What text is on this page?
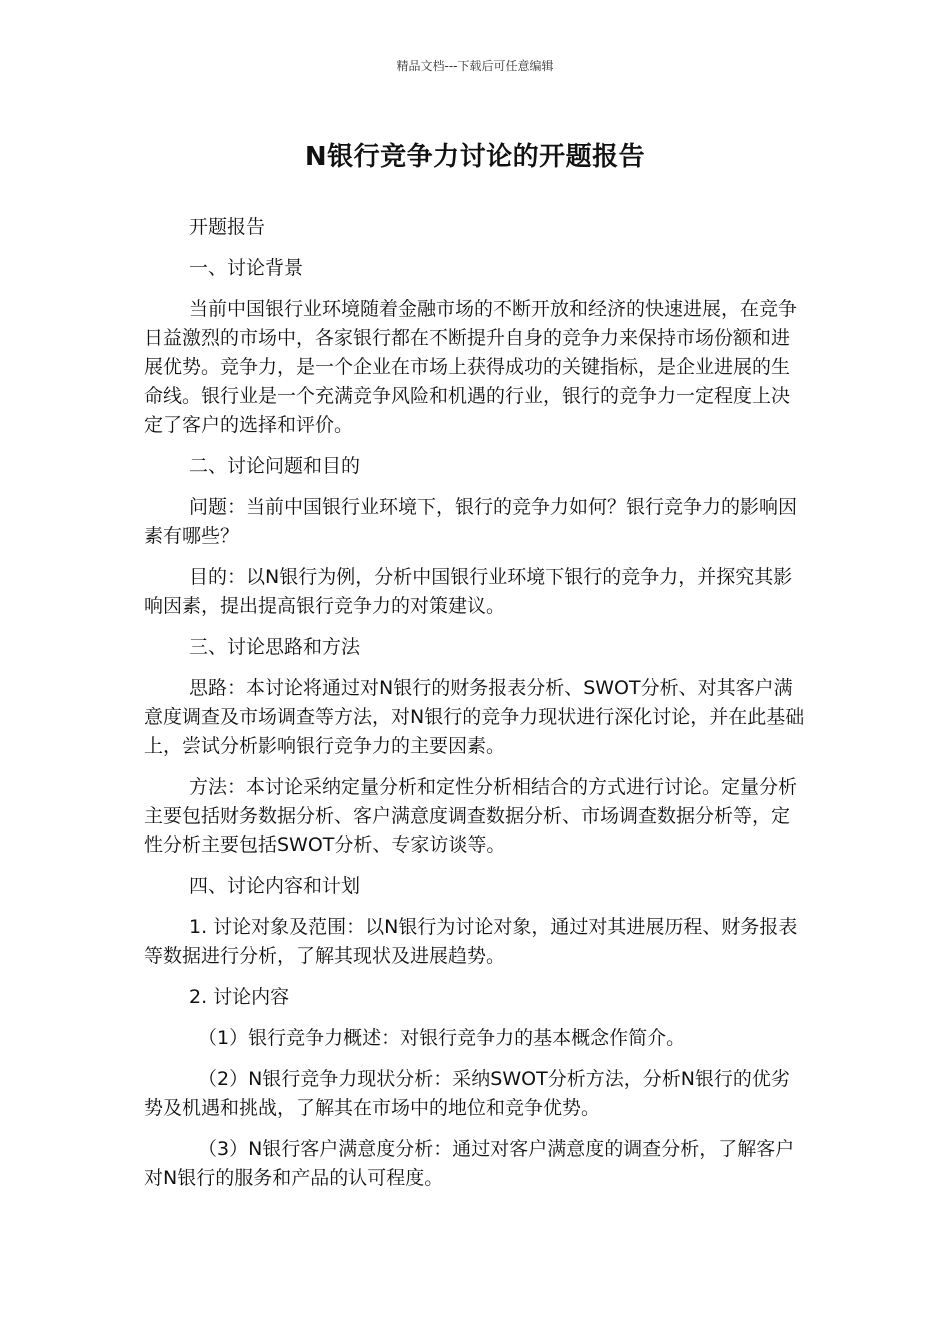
精品文档---下载后可任意编辑
N银行竞争力讨论的开题报告

开题报告

一、讨论背景

当前中国银行业环境随着金融市场的不断开放和经济的快速进展，在竞争日益激烈的市场中，各家银行都在不断提升自身的竞争力来保持市场份额和进展优势。竞争力，是一个企业在市场上获得成功的关键指标，是企业进展的生命线。银行业是一个充满竞争风险和机遇的行业，银行的竞争力一定程度上决定了客户的选择和评价。

二、讨论问题和目的

问题：当前中国银行业环境下，银行的竞争力如何？银行竞争力的影响因素有哪些？

目的：以N银行为例，分析中国银行业环境下银行的竞争力，并探究其影响因素，提出提高银行竞争力的对策建议。

三、讨论思路和方法

思路：本讨论将通过对N银行的财务报表分析、SWOT分析、对其客户满意度调查及市场调查等方法，对N银行的竞争力现状进行深化讨论，并在此基础上，尝试分析影响银行竞争力的主要因素。

方法：本讨论采纳定量分析和定性分析相结合的方式进行讨论。定量分析主要包括财务数据分析、客户满意度调查数据分析、市场调查数据分析等，定性分析主要包括SWOT分析、专家访谈等。

四、讨论内容和计划

1. 讨论对象及范围：以N银行为讨论对象，通过对其进展历程、财务报表等数据进行分析，了解其现状及进展趋势。

2. 讨论内容

（1）银行竞争力概述：对银行竞争力的基本概念作简介。

（2）N银行竞争力现状分析：采纳SWOT分析方法，分析N银行的优劣势及机遇和挑战，了解其在市场中的地位和竞争优势。

（3）N银行客户满意度分析：通过对客户满意度的调查分析，了解客户对N银行的服务和产品的认可程度。
